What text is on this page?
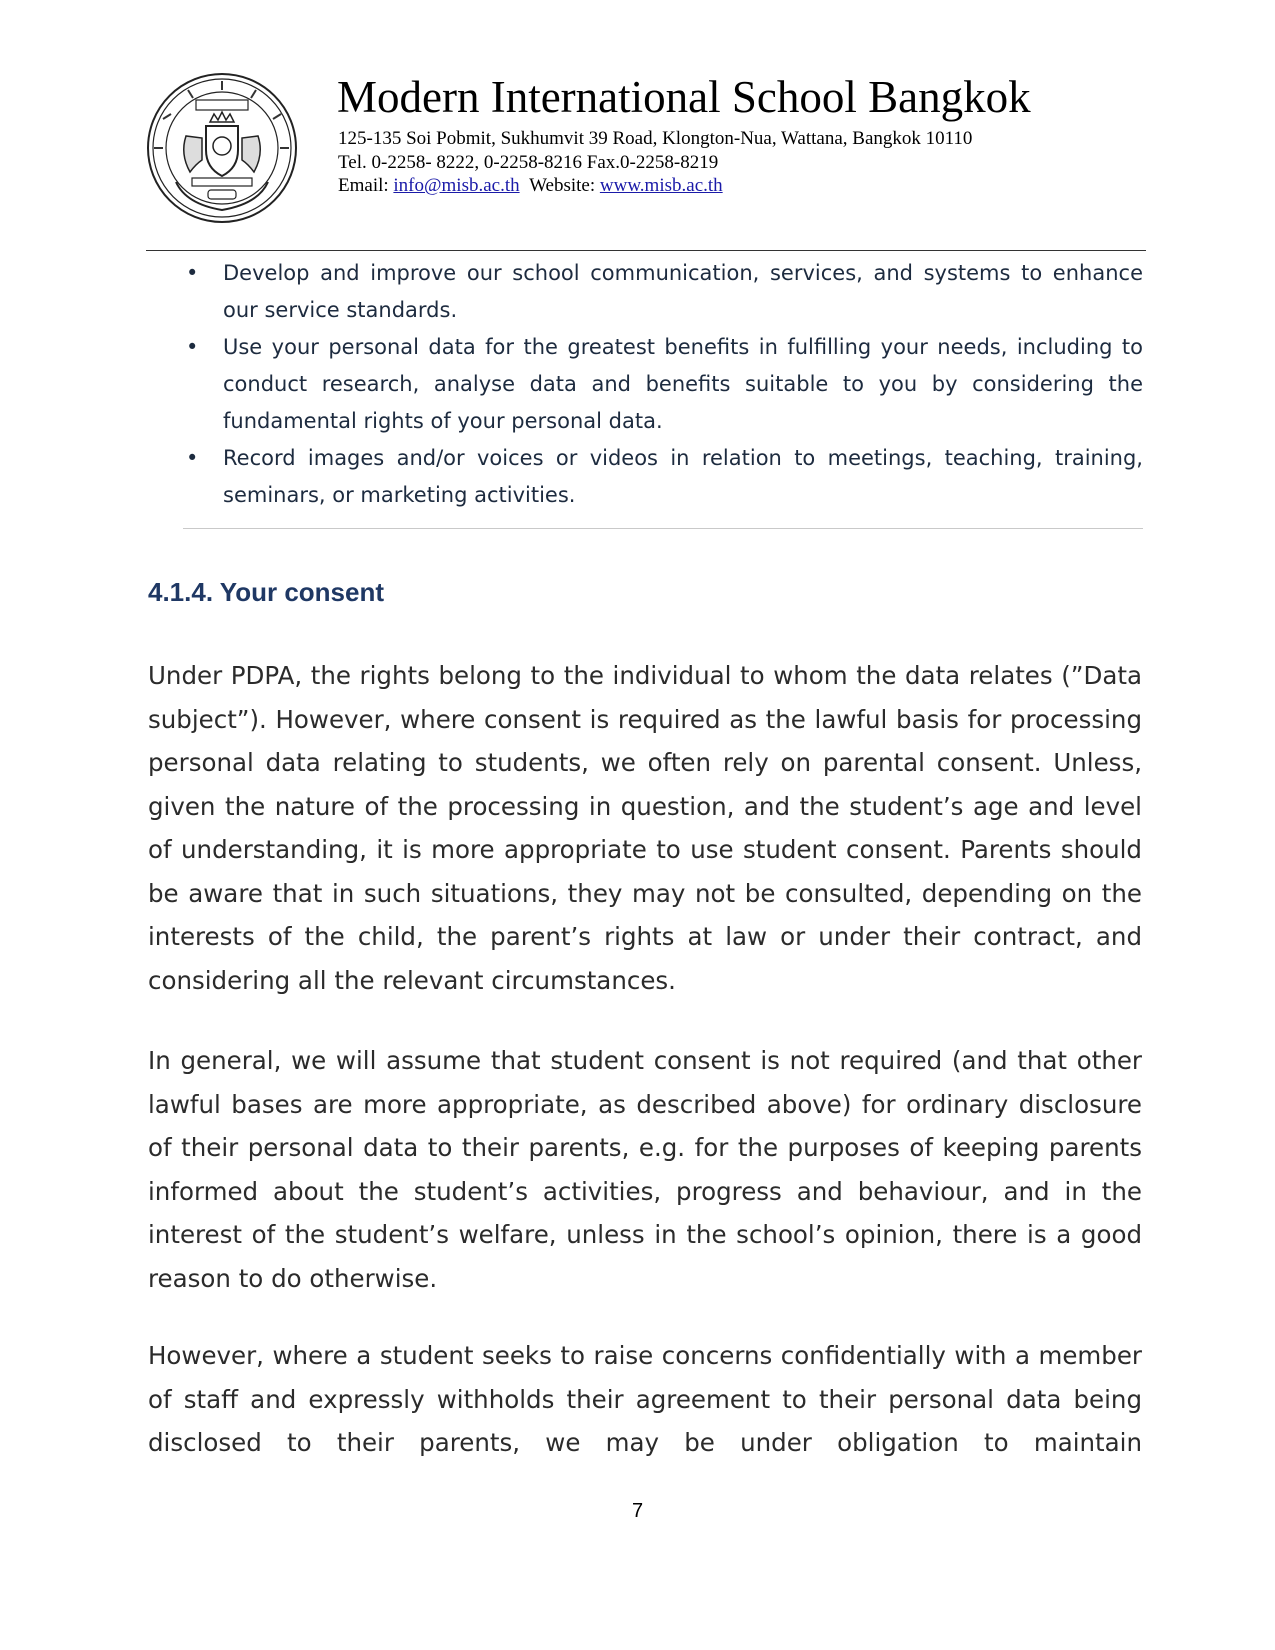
Modern International School Bangkok
125-135 Soi Pobmit, Sukhumvit 39 Road, Klongton-Nua, Wattana, Bangkok 10110
Tel. 0-2258- 8222, 0-2258-8216 Fax.0-2258-8219
Email: info@misb.ac.th Website: www.misb.ac.th
• Develop and improve our school communication, services, and systems to enhance our service standards.
• Use your personal data for the greatest benefits in fulfilling your needs, including to conduct research, analyse data and benefits suitable to you by considering the fundamental rights of your personal data.
• Record images and/or voices or videos in relation to meetings, teaching, training, seminars, or marketing activities.
4.1.4. Your consent

Under PDPA, the rights belong to the individual to whom the data relates (”Data subject”). However, where consent is required as the lawful basis for processing personal data relating to students, we often rely on parental consent. Unless, given the nature of the processing in question, and the student’s age and level of understanding, it is more appropriate to use student consent. Parents should be aware that in such situations, they may not be consulted, depending on the interests of the child, the parent’s rights at law or under their contract, and considering all the relevant circumstances.

In general, we will assume that student consent is not required (and that other lawful bases are more appropriate, as described above) for ordinary disclosure of their personal data to their parents, e.g. for the purposes of keeping parents informed about the student’s activities, progress and behaviour, and in the interest of the student’s welfare, unless in the school’s opinion, there is a good reason to do otherwise.

However, where a student seeks to raise concerns confidentially with a member of staff and expressly withholds their agreement to their personal data being disclosed to their parents, we may be under obligation to maintain

7
